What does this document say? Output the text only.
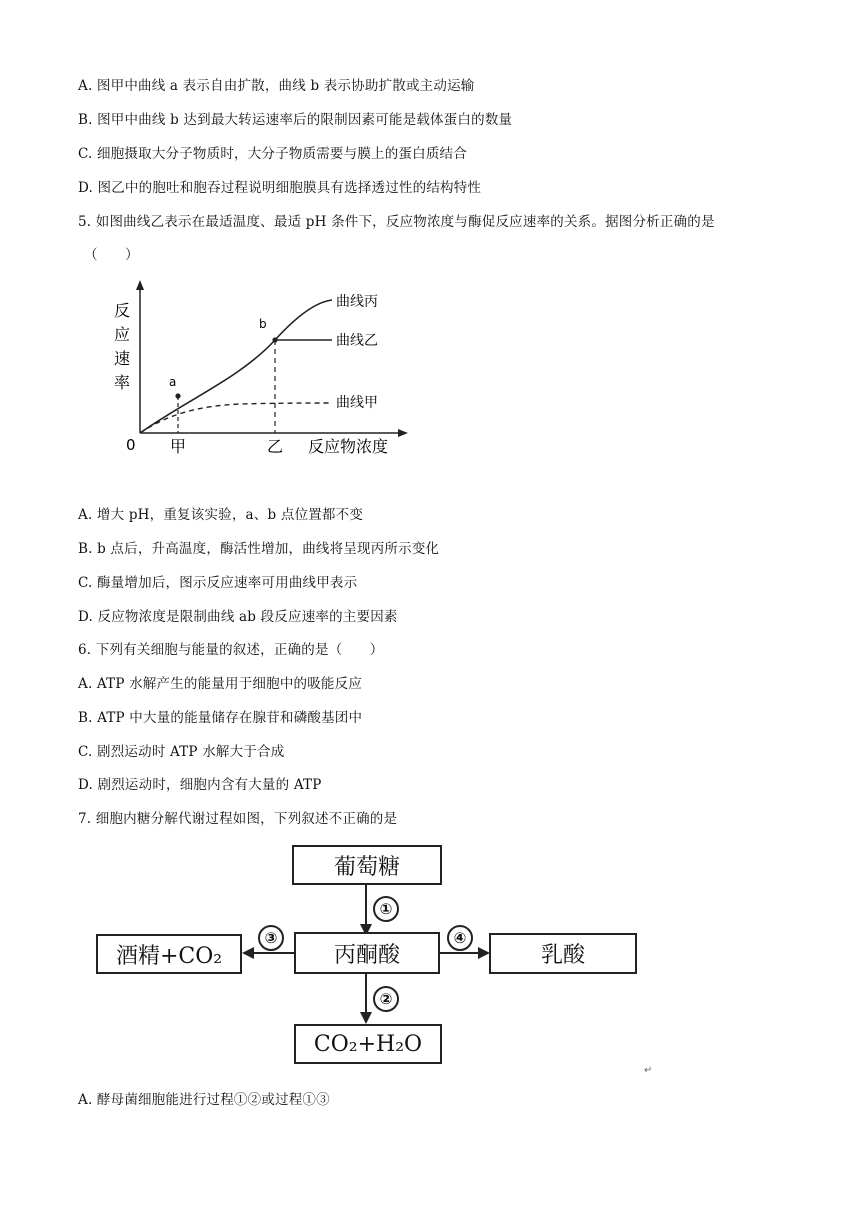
A. 图甲中曲线 a 表示自由扩散，曲线 b 表示协助扩散或主动运输
B. 图甲中曲线 b 达到最大转运速率后的限制因素可能是载体蛋白的数量
C. 细胞摄取大分子物质时，大分子物质需要与膜上的蛋白质结合
D. 图乙中的胞吐和胞吞过程说明细胞膜具有选择透过性的结构特性
5. 如图曲线乙表示在最适温度、最适 pH 条件下，反应物浓度与酶促反应速率的关系。据图分析正确的是
（　　）
反
应
速
率
0 甲	乙 反应物浓度
a
b
曲线丙
曲线乙
曲线甲
A. 增大 pH，重复该实验，a、b 点位置都不变
B. b 点后，升高温度，酶活性增加，曲线将呈现丙所示变化
C. 酶量增加后，图示反应速率可用曲线甲表示
D. 反应物浓度是限制曲线 ab 段反应速率的主要因素
6. 下列有关细胞与能量的叙述，正确的是（　　）
A. ATP 水解产生的能量用于细胞中的吸能反应
B. ATP 中大量的能量储存在腺苷和磷酸基团中
C. 剧烈运动时 ATP 水解大于合成
D. 剧烈运动时，细胞内含有大量的 ATP
7. 细胞内糖分解代谢过程如图，下列叙述不正确的是
葡萄糖
丙酮酸
酒精+CO₂	乳酸
CO₂+H₂O
①
②
③	④
↵
A. 酵母菌细胞能进行过程①②或过程①③
